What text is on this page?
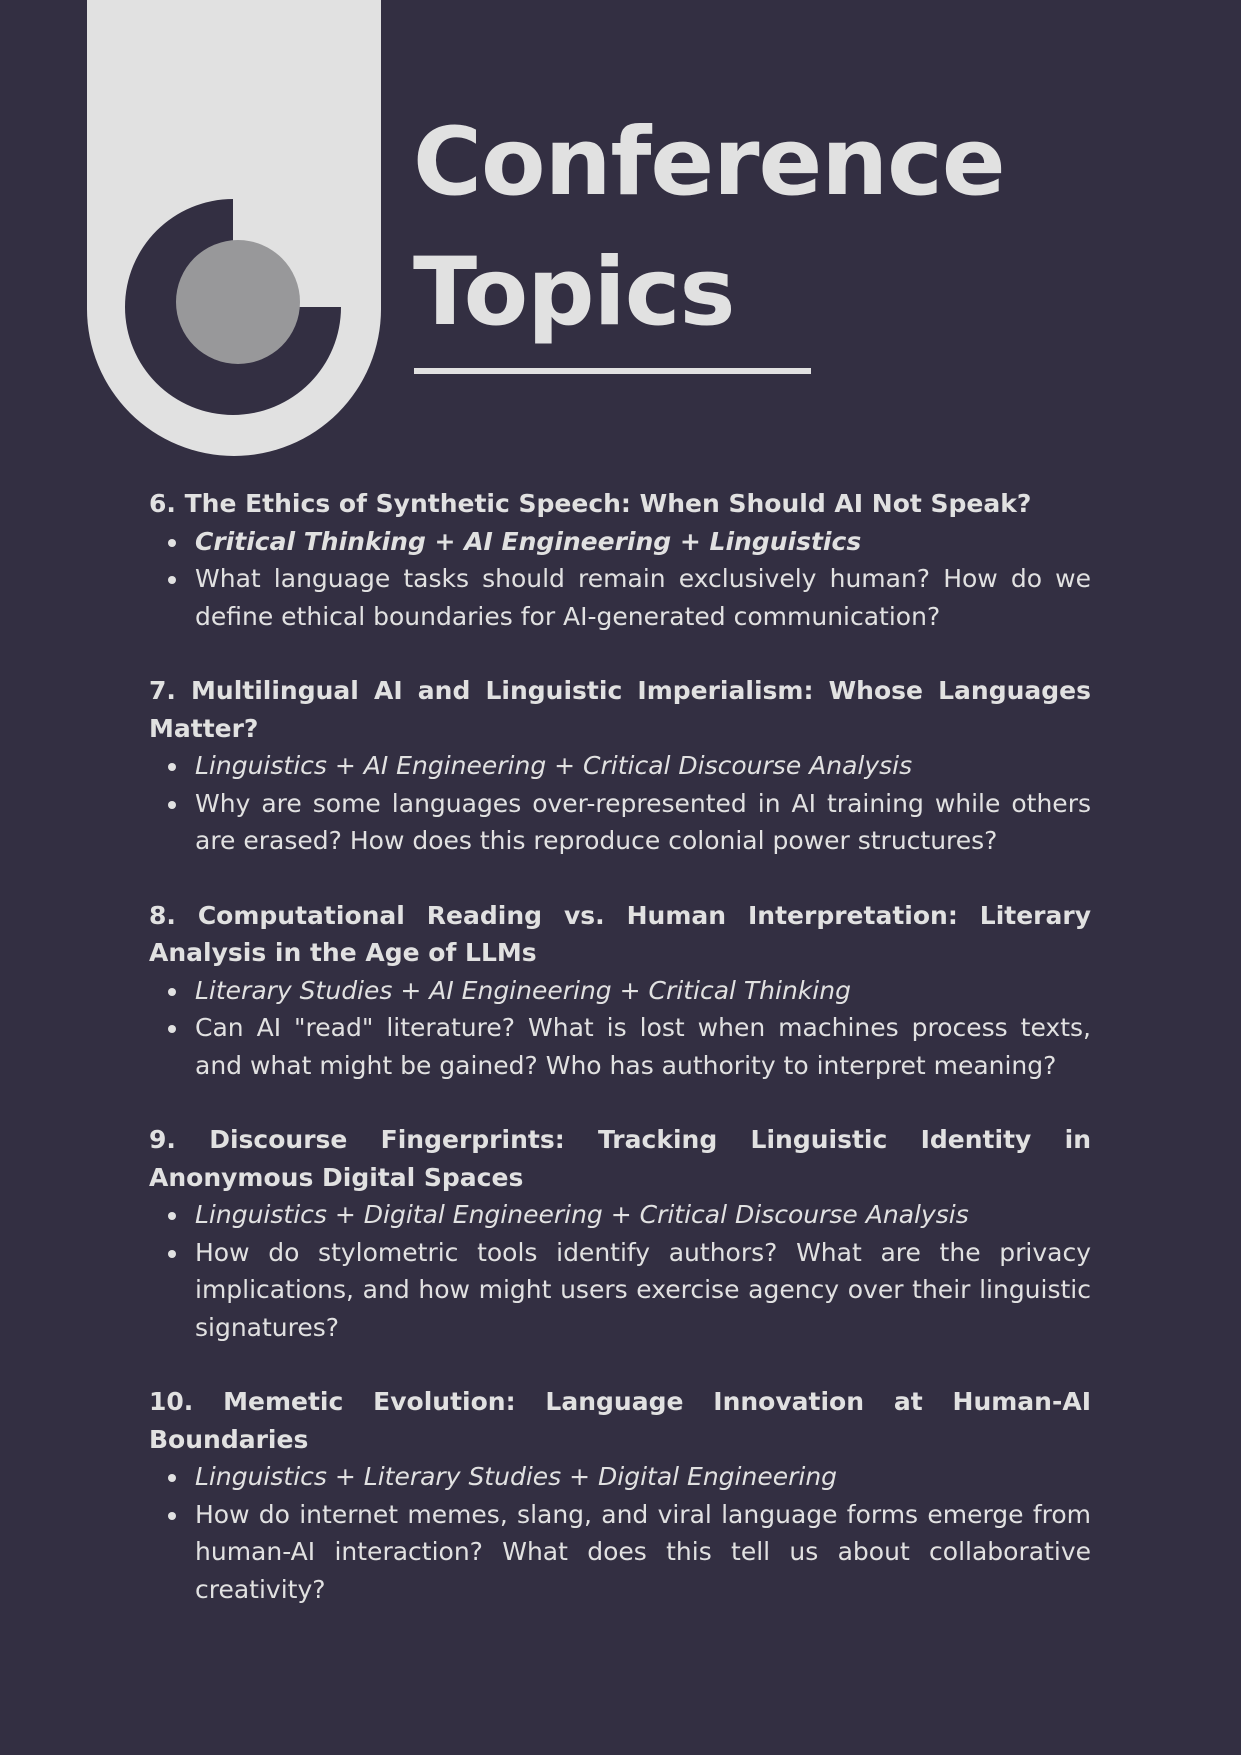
Conference
Topics

6. The Ethics of Synthetic Speech: When Should AI Not Speak?

Critical Thinking + AI Engineering + Linguistics
What language tasks should remain exclusively human? How do we define ethical boundaries for AI-generated communication?

7. Multilingual AI and Linguistic Imperialism: Whose Languages Matter?

Linguistics + AI Engineering + Critical Discourse Analysis
Why are some languages over-represented in AI training while others are erased? How does this reproduce colonial power structures?

8. Computational Reading vs. Human Interpretation: Literary Analysis in the Age of LLMs

Literary Studies + AI Engineering + Critical Thinking
Can AI "read" literature? What is lost when machines process texts, and what might be gained? Who has authority to interpret meaning?

9. Discourse Fingerprints: Tracking Linguistic Identity in Anonymous Digital Spaces

Linguistics + Digital Engineering + Critical Discourse Analysis
How do stylometric tools identify authors? What are the privacy implications, and how might users exercise agency over their linguistic signatures?

10. Memetic Evolution: Language Innovation at Human-AI Boundaries

Linguistics + Literary Studies + Digital Engineering
How do internet memes, slang, and viral language forms emerge from human-AI interaction? What does this tell us about collaborative creativity?
